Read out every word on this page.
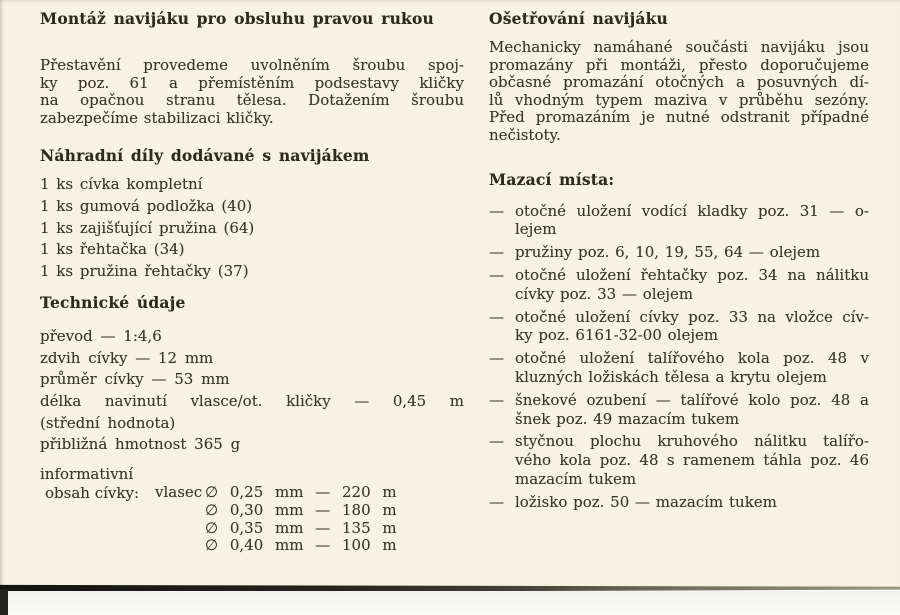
Montáž navijáku pro obsluhu pravou rukou
Přestavění provedeme uvolněním šroubu spoj-
ky poz. 61 a přemístěním podsestavy kličky
na opačnou stranu tělesa. Dotažením šroubu
zabezpečíme stabilizaci kličky.
Náhradní díly dodávané s navijákem
1 ks cívka kompletní
1 ks gumová podložka (40)
1 ks zajišťující pružina (64)
1 ks řehtačka (34)
1 ks pružina řehtačky (37)
Technické údaje
převod — 1:4,6
zdvih cívky — 12 mm
průměr cívky — 53 mm
délka navinutí vlasce/ot. kličky — 0,45 m
(střední hodnota)
přibližná hmotnost 365 g
informativní
obsah cívky:	vlasec ∅ 0,25 mm — 220 m
∅ 0,30 mm — 180 m
∅ 0,35 mm — 135 m
∅ 0,40 mm — 100 m
Ošetřování navijáku
Mechanicky namáhané součásti navijáku jsou
promazány při montáži, přesto doporučujeme
občasné promazání otočných a posuvných dí-
lů vhodným typem maziva v průběhu sezóny.
Před promazáním je nutné odstranit případné
nečistoty.
Mazací místa:
— otočné uložení vodící kladky poz. 31 — o-
lejem
— pružiny poz. 6, 10, 19, 55, 64 — olejem
— otočné uložení řehtačky poz. 34 na nálitku
cívky poz. 33 — olejem
— otočné uložení cívky poz. 33 na vložce cív-
ky poz. 6161-32-00 olejem
— otočné uložení talířového kola poz. 48 v
kluzných ložiskách tělesa a krytu olejem
— šnekové ozubení — talířové kolo poz. 48 a
šnek poz. 49 mazacím tukem
— styčnou plochu kruhového nálitku talířo-
vého kola poz. 48 s ramenem táhla poz. 46
mazacím tukem
— ložisko poz. 50 — mazacím tukem
